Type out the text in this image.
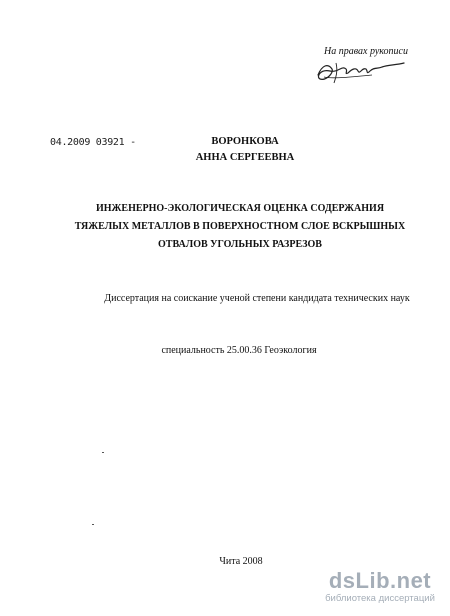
На правах рукописи
04.2009 03921 -	ВОРОНКОВА
АННА СЕРГЕЕВНА
ИНЖЕНЕРНО-ЭКОЛОГИЧЕСКАЯ ОЦЕНКА СОДЕРЖАНИЯ
ТЯЖЕЛЫХ МЕТАЛЛОВ В ПОВЕРХНОСТНОМ СЛОЕ ВСКРЫШНЫХ
ОТВАЛОВ УГОЛЬНЫХ РАЗРЕЗОВ
Диссертация на соискание ученой степени кандидата технических наук
специальность 25.00.36 Геоэкология
Чита 2008
dsLib.net
библиотека диссертаций
